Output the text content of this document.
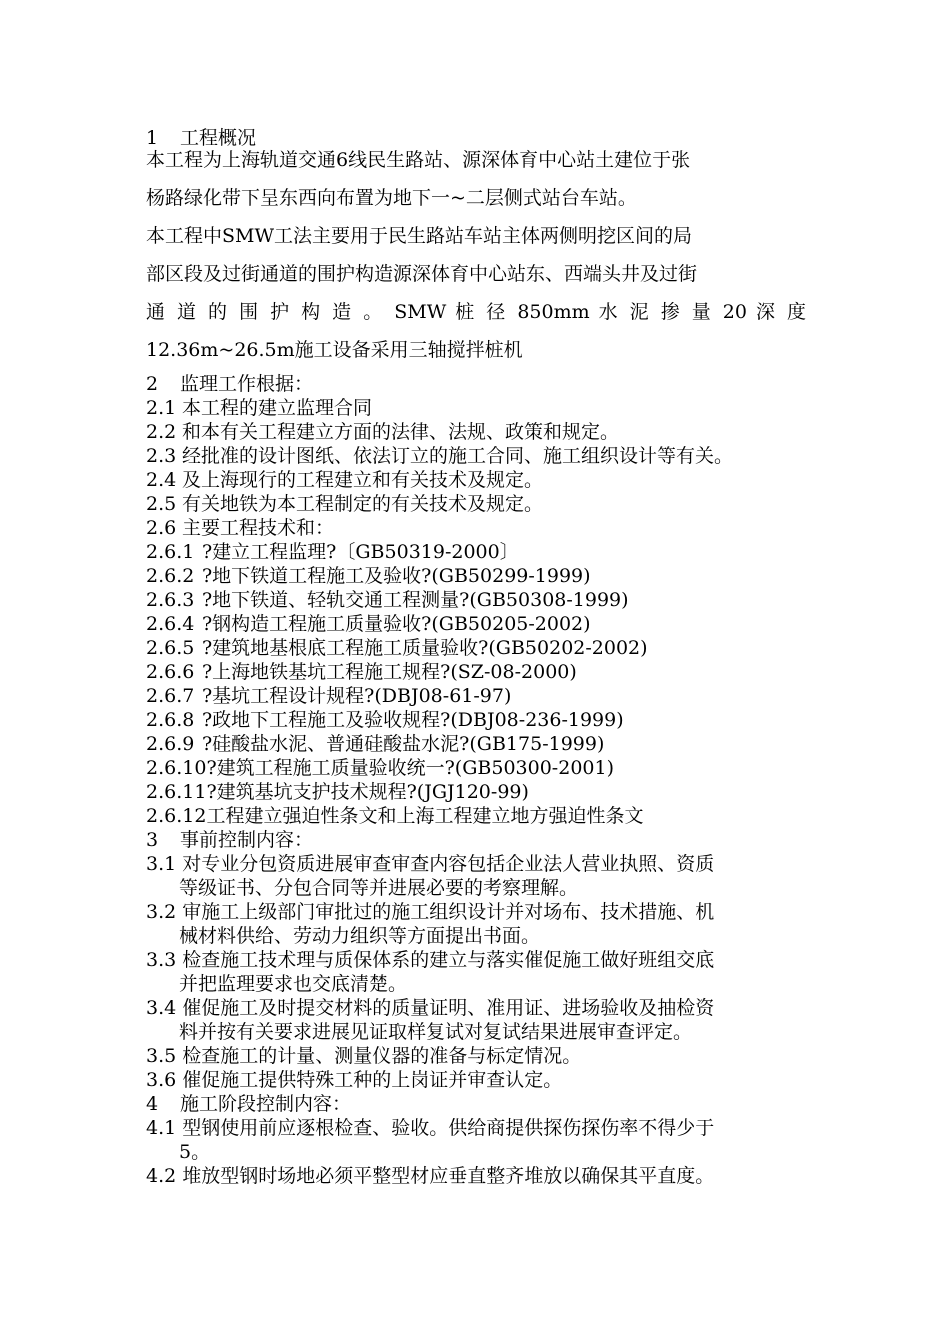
1 工程概况
本工程为上海轨道交通6线民生路站、源深体育中心站土建位于张
杨路绿化带下呈东西向布置为地下一~二层侧式站台车站。
本工程中SMW工法主要用于民生路站车站主体两侧明挖区间的局
部区段及过街通道的围护构造源深体育中心站东、西端头井及过街
通 道 的 围 护 构 造 。 SMW 桩 径 850mm 水 泥 掺 量 20 深 度
12.36m~26.5m施工设备采用三轴搅拌桩机
2 监理工作根据：
2.1 本工程的建立监理合同
2.2 和本有关工程建立方面的法律、法规、政策和规定。
2.3 经批准的设计图纸、依法订立的施工合同、施工组织设计等有关。
2.4 及上海现行的工程建立和有关技术及规定。
2.5 有关地铁为本工程制定的有关技术及规定。
2.6 主要工程技术和：
2.6.1 ?建立工程监理?〔GB50319-2000〕
2.6.2 ?地下铁道工程施工及验收?(GB50299-1999)
2.6.3 ?地下铁道、轻轨交通工程测量?(GB50308-1999)
2.6.4 ?钢构造工程施工质量验收?(GB50205-2002)
2.6.5 ?建筑地基根底工程施工质量验收?(GB50202-2002)
2.6.6 ?上海地铁基坑工程施工规程?(SZ-08-2000)
2.6.7 ?基坑工程设计规程?(DBJ08-61-97)
2.6.8 ?政地下工程施工及验收规程?(DBJ08-236-1999)
2.6.9 ?硅酸盐水泥、普通硅酸盐水泥?(GB175-1999)
2.6.10?建筑工程施工质量验收统一?(GB50300-2001)
2.6.11?建筑基坑支护技术规程?(JGJ120-99)
2.6.12工程建立强迫性条文和上海工程建立地方强迫性条文
3 事前控制内容：
3.1 对专业分包资质进展审查审查内容包括企业法人营业执照、资质
等级证书、分包合同等并进展必要的考察理解。
3.2 审施工上级部门审批过的施工组织设计并对场布、技术措施、机
械材料供给、劳动力组织等方面提出书面。
3.3 检查施工技术理与质保体系的建立与落实催促施工做好班组交底
并把监理要求也交底清楚。
3.4 催促施工及时提交材料的质量证明、准用证、进场验收及抽检资
料并按有关要求进展见证取样复试对复试结果进展审查评定。
3.5 检查施工的计量、测量仪器的准备与标定情况。
3.6 催促施工提供特殊工种的上岗证并审查认定。
4 施工阶段控制内容：
4.1 型钢使用前应逐根检查、验收。供给商提供探伤探伤率不得少于
5。
4.2 堆放型钢时场地必须平整型材应垂直整齐堆放以确保其平直度。
